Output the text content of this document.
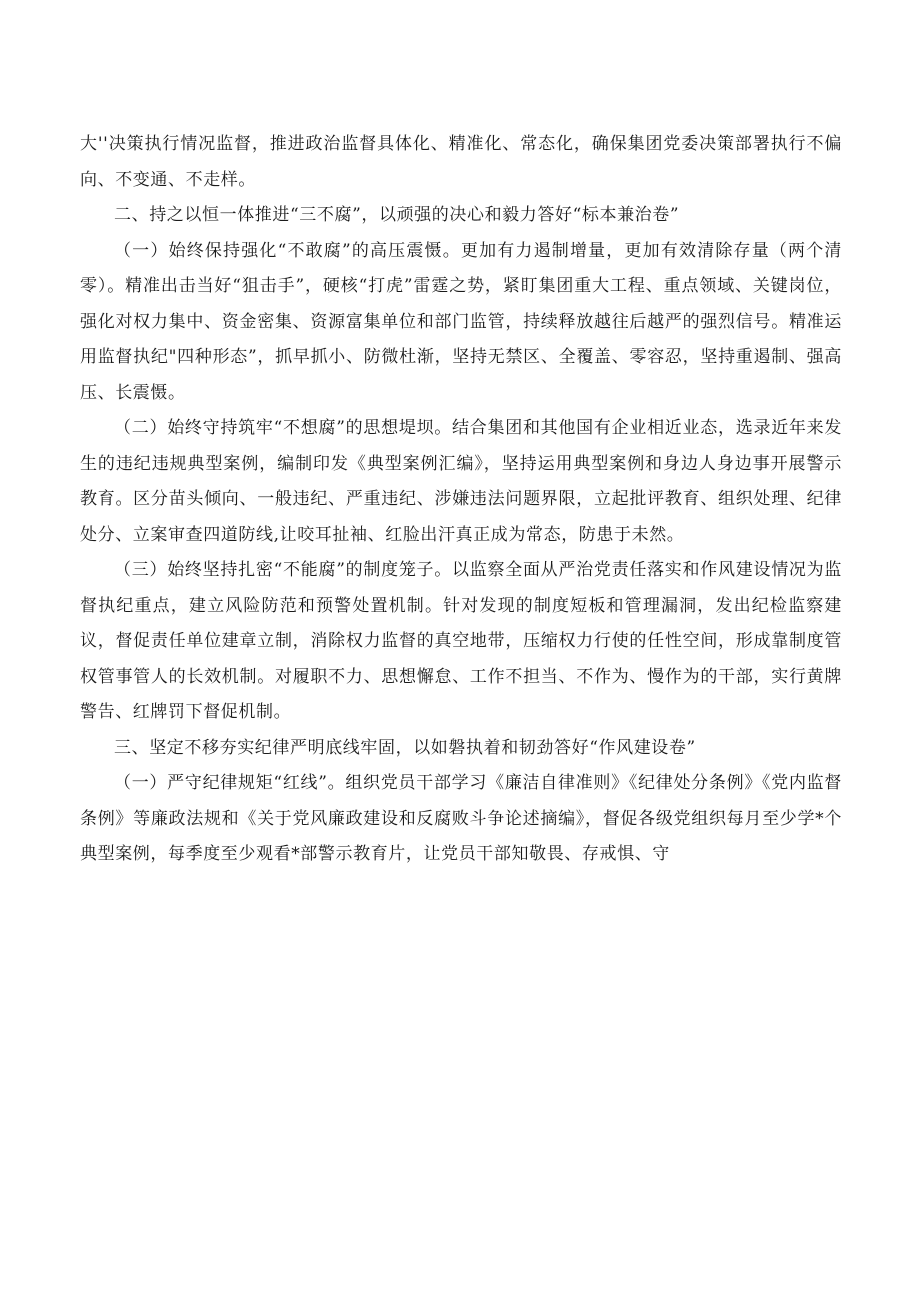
大''决策执行情况监督，推进政治监督具体化、精准化、常态化，确保集团党委决策部署执行不偏向、不变通、不走样。

二、持之以恒一体推进“三不腐”，以顽强的决心和毅力答好“标本兼治卷”

（一）始终保持强化“不敢腐”的高压震慑。更加有力遏制增量，更加有效清除存量（两个清零）。精准出击当好“狙击手”，硬核“打虎”雷霆之势，紧盯集团重大工程、重点领域、关键岗位，强化对权力集中、资金密集、资源富集单位和部门监管，持续释放越往后越严的强烈信号。精准运用监督执纪"四种形态”，抓早抓小、防微杜渐，坚持无禁区、全覆盖、零容忍，坚持重遏制、强高压、长震慑。

（二）始终守持筑牢“不想腐”的思想堤坝。结合集团和其他国有企业相近业态，选录近年来发生的违纪违规典型案例，编制印发《典型案例汇编》，坚持运用典型案例和身边人身边事开展警示教育。区分苗头倾向、一般违纪、严重违纪、涉嫌违法问题界限，立起批评教育、组织处理、纪律处分、立案审查四道防线,让咬耳扯袖、红脸出汗真正成为常态，防患于未然。

（三）始终坚持扎密“不能腐”的制度笼子。以监察全面从严治党责任落实和作风建设情况为监督执纪重点，建立风险防范和预警处置机制。针对发现的制度短板和管理漏洞，发出纪检监察建议，督促责任单位建章立制，消除权力监督的真空地带，压缩权力行使的任性空间，形成靠制度管权管事管人的长效机制。对履职不力、思想懈怠、工作不担当、不作为、慢作为的干部，实行黄牌警告、红牌罚下督促机制。

三、坚定不移夯实纪律严明底线牢固，以如磐执着和韧劲答好“作风建设卷”

（一）严守纪律规矩“红线”。组织党员干部学习《廉洁自律准则》《纪律处分条例》《党内监督条例》等廉政法规和《关于党风廉政建设和反腐败斗争论述摘编》，督促各级党组织每月至少学*个典型案例，每季度至少观看*部警示教育片，让党员干部知敬畏、存戒惧、守
